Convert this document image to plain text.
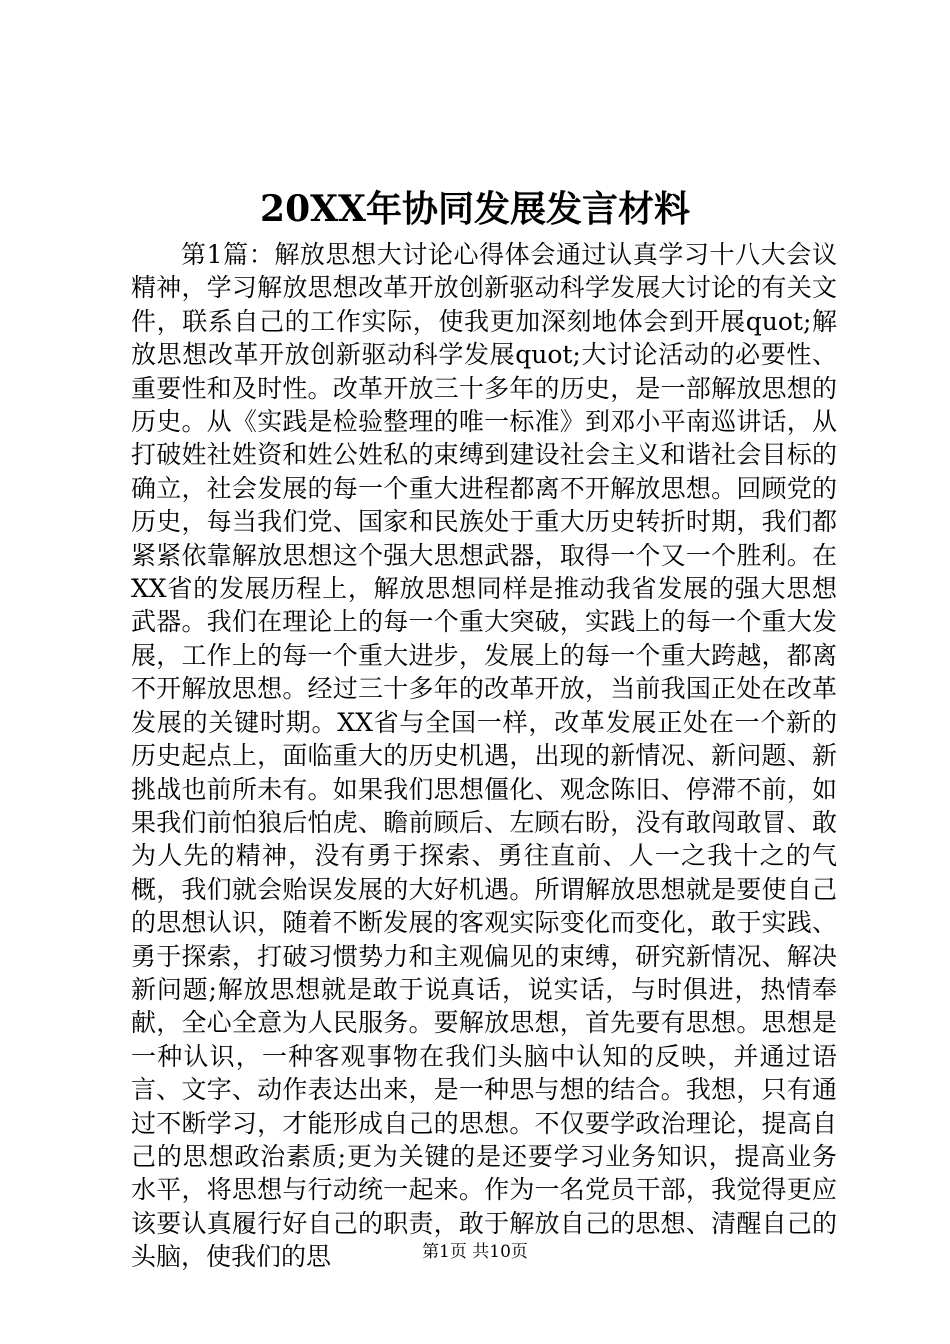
20XX年协同发展发言材料

第1篇：解放思想大讨论心得体会通过认真学习十八大会议精神，学习解放思想改革开放创新驱动科学发展大讨论的有关文件，联系自己的工作实际，使我更加深刻地体会到开展quot;解放思想改革开放创新驱动科学发展quot;大讨论活动的必要性、重要性和及时性。改革开放三十多年的历史，是一部解放思想的历史。从《实践是检验整理的唯一标准》到邓小平南巡讲话，从打破姓社姓资和姓公姓私的束缚到建设社会主义和谐社会目标的确立，社会发展的每一个重大进程都离不开解放思想。回顾党的历史，每当我们党、国家和民族处于重大历史转折时期，我们都紧紧依靠解放思想这个强大思想武器，取得一个又一个胜利。在XX省的发展历程上，解放思想同样是推动我省发展的强大思想武器。我们在理论上的每一个重大突破，实践上的每一个重大发展，工作上的每一个重大进步，发展上的每一个重大跨越，都离不开解放思想。经过三十多年的改革开放，当前我国正处在改革发展的关键时期。XX省与全国一样，改革发展正处在一个新的历史起点上，面临重大的历史机遇，出现的新情况、新问题、新挑战也前所未有。如果我们思想僵化、观念陈旧、停滞不前，如果我们前怕狼后怕虎、瞻前顾后、左顾右盼，没有敢闯敢冒、敢为人先的精神，没有勇于探索、勇往直前、人一之我十之的气概，我们就会贻误发展的大好机遇。所谓解放思想就是要使自己的思想认识，随着不断发展的客观实际变化而变化，敢于实践、勇于探索，打破习惯势力和主观偏见的束缚，研究新情况、解决新问题;解放思想就是敢于说真话，说实话，与时俱进，热情奉献，全心全意为人民服务。要解放思想，首先要有思想。思想是一种认识，一种客观事物在我们头脑中认知的反映，并通过语言、文字、动作表达出来，是一种思与想的结合。我想，只有通过不断学习，才能形成自己的思想。不仅要学政治理论，提高自己的思想政治素质;更为关键的是还要学习业务知识，提高业务水平，将思想与行动统一起来。作为一名党员干部，我觉得更应该要认真履行好自己的职责，敢于解放自己的思想、清醒自己的头脑，使我们的思	第1页 共10页
